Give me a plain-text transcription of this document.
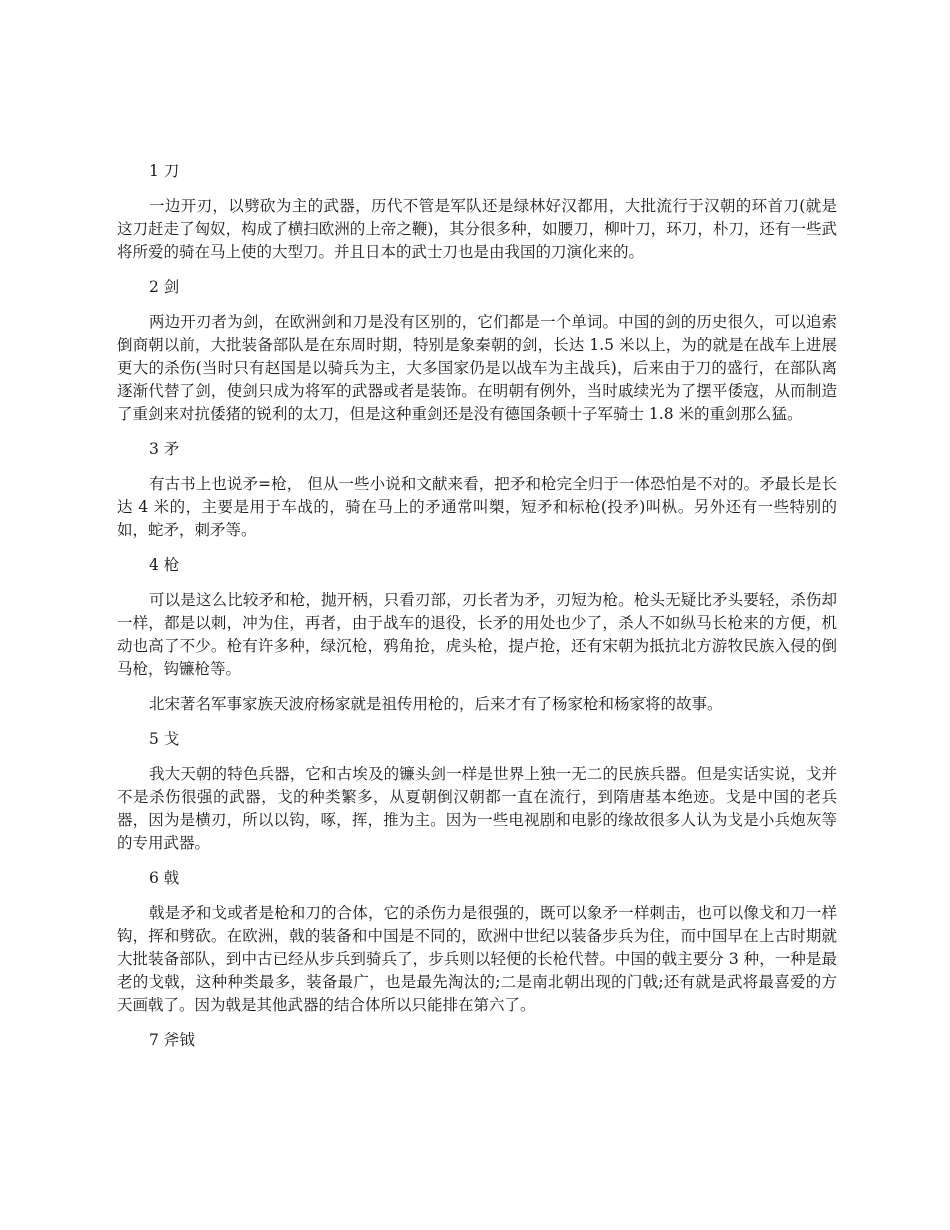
1 刀

一边开刃，以劈砍为主的武器，历代不管是军队还是绿林好汉都用，大批流行于汉朝的环首刀(就是这刀赶走了匈奴，构成了横扫欧洲的上帝之鞭)，其分很多种，如腰刀，柳叶刀，环刀，朴刀，还有一些武将所爱的骑在马上使的大型刀。并且日本的武士刀也是由我国的刀演化来的。

2 剑

两边开刃者为剑，在欧洲剑和刀是没有区别的，它们都是一个单词。中国的剑的历史很久，可以追索倒商朝以前，大批装备部队是在东周时期，特别是象秦朝的剑，长达 1.5 米以上，为的就是在战车上进展更大的杀伤(当时只有赵国是以骑兵为主，大多国家仍是以战车为主战兵)，后来由于刀的盛行，在部队离逐渐代替了剑，使剑只成为将军的武器或者是装饰。在明朝有例外，当时戚续光为了摆平倭寇，从而制造了重剑来对抗倭猪的锐利的太刀，但是这种重剑还是没有德国条顿十子军骑士 1.8 米的重剑那么猛。

3 矛

有古书上也说矛=枪， 但从一些小说和文献来看，把矛和枪完全归于一体恐怕是不对的。矛最长是长达 4 米的，主要是用于车战的，骑在马上的矛通常叫槊，短矛和标枪(投矛)叫枞。另外还有一些特别的如，蛇矛，刺矛等。

4 枪

可以是这么比较矛和枪，抛开柄，只看刃部，刃长者为矛，刃短为枪。枪头无疑比矛头要轻，杀伤却一样，都是以刺，冲为住，再者，由于战车的退役，长矛的用处也少了，杀人不如纵马长枪来的方便，机动也高了不少。枪有许多种，绿沉枪，鸦角抢，虎头枪，提卢抢，还有宋朝为抵抗北方游牧民族入侵的倒马枪，钩镰枪等。

北宋著名军事家族天波府杨家就是祖传用枪的，后来才有了杨家枪和杨家将的故事。

5 戈

我大天朝的特色兵器，它和古埃及的镰头剑一样是世界上独一无二的民族兵器。但是实话实说，戈并不是杀伤很强的武器，戈的种类繁多，从夏朝倒汉朝都一直在流行，到隋唐基本绝迹。戈是中国的老兵器，因为是横刃，所以以钩，啄，挥，推为主。因为一些电视剧和电影的缘故很多人认为戈是小兵炮灰等的专用武器。

6 戟

戟是矛和戈或者是枪和刀的合体，它的杀伤力是很强的，既可以象矛一样刺击，也可以像戈和刀一样钩，挥和劈砍。在欧洲，戟的装备和中国是不同的，欧洲中世纪以装备步兵为住，而中国早在上古时期就大批装备部队，到中古已经从步兵到骑兵了，步兵则以轻便的长枪代替。中国的戟主要分 3 种，一种是最老的戈戟，这种种类最多，装备最广，也是最先淘汰的;二是南北朝出现的门戟;还有就是武将最喜爱的方天画戟了。因为戟是其他武器的结合体所以只能排在第六了。

7 斧钺
